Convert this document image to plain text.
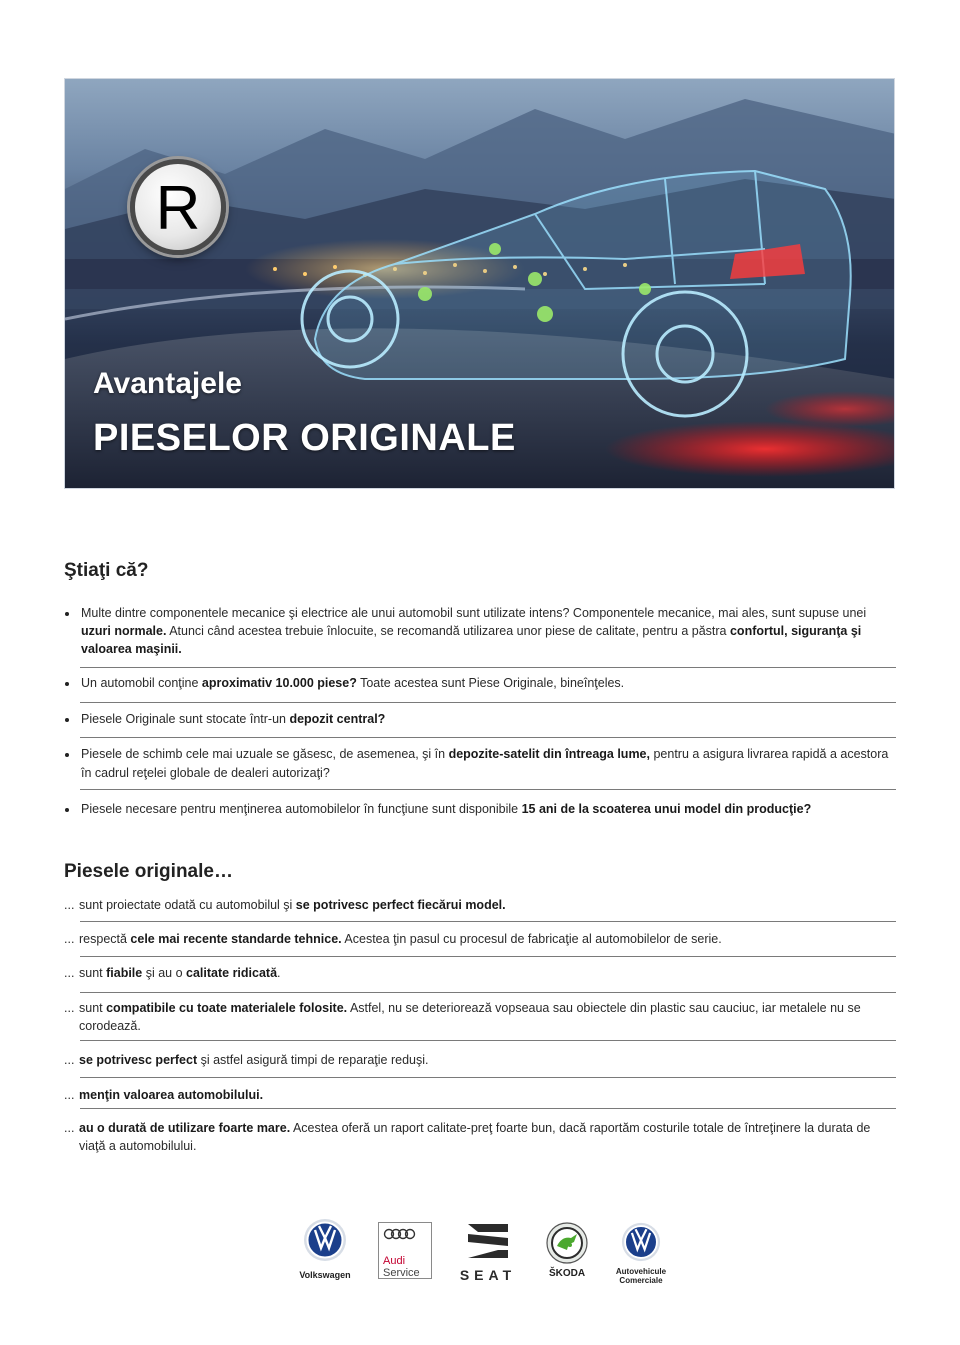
R
Avantajele
PIESELOR ORIGINALE
Ştiaţi că?
Multe dintre componentele mecanice şi electrice ale unui automobil sunt utilizate intens? Componentele mecanice, mai ales, sunt supuse unei uzuri normale. Atunci când acestea trebuie înlocuite, se recomandă utilizarea unor piese de calitate, pentru a păstra confortul, siguranţa şi valoarea maşinii.
Un automobil conţine aproximativ 10.000 piese? Toate acestea sunt Piese Originale, bineînţeles.
Piesele Originale sunt stocate într-un depozit central?
Piesele de schimb cele mai uzuale se găsesc, de asemenea, şi în depozite-satelit din întreaga lume, pentru a asigura livrarea rapidă a acestora în cadrul reţelei globale de dealeri autorizaţi?
Piesele necesare pentru menţinerea automobilelor în funcţiune sunt disponibile 15 ani de la scoaterea unui model din producţie?
Piesele originale…
... sunt proiectate odată cu automobilul şi se potrivesc perfect fiecărui model.
... respectă cele mai recente standarde tehnice. Acestea ţin pasul cu procesul de fabricaţie al automobilelor de serie.
... sunt fiabile şi au o calitate ridicată.
... sunt compatibile cu toate materialele folosite. Astfel, nu se deteriorează vopseaua sau obiectele din plastic sau cauciuc, iar metalele nu se corodează.
... se potrivesc perfect şi astfel asigură timpi de reparaţie reduşi.
... menţin valoarea automobilului.
... au o durată de utilizare foarte mare. Acestea oferă un raport calitate-preţ foarte bun, dacă raportăm costurile totale de întreţinere la durata de viaţă a automobilului.
Volkswagen
Audi
Service	SEAT	ŠKODA	Autovehicule
Comerciale
